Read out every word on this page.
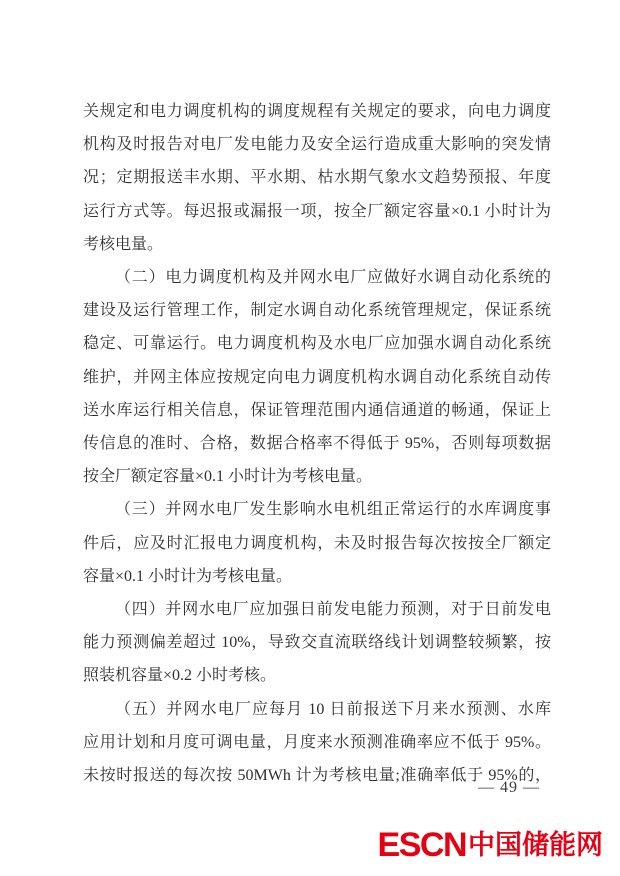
关规定和电力调度机构的调度规程有关规定的要求，向电力调度
机构及时报告对电厂发电能力及安全运行造成重大影响的突发情
况；定期报送丰水期、平水期、枯水期气象水文趋势预报、年度
运行方式等。每迟报或漏报一项，按全厂额定容量×0.1 小时计为
考核电量。
（二）电力调度机构及并网水电厂应做好水调自动化系统的
建设及运行管理工作，制定水调自动化系统管理规定，保证系统
稳定、可靠运行。电力调度机构及水电厂应加强水调自动化系统
维护，并网主体应按规定向电力调度机构水调自动化系统自动传
送水库运行相关信息，保证管理范围内通信通道的畅通，保证上
传信息的准时、合格，数据合格率不得低于 95%，否则每项数据
按全厂额定容量×0.1 小时计为考核电量。
（三）并网水电厂发生影响水电机组正常运行的水库调度事
件后，应及时汇报电力调度机构，未及时报告每次按按全厂额定
容量×0.1 小时计为考核电量。
（四）并网水电厂应加强日前发电能力预测，对于日前发电
能力预测偏差超过 10%，导致交直流联络线计划调整较频繁，按
照装机容量×0.2 小时考核。
（五）并网水电厂应每月 10 日前报送下月来水预测、水库
应用计划和月度可调电量，月度来水预测准确率应不低于 95%。
未按时报送的每次按 50MWh 计为考核电量;准确率低于 95%的，
— 49 —
ESCN 中国储能网
